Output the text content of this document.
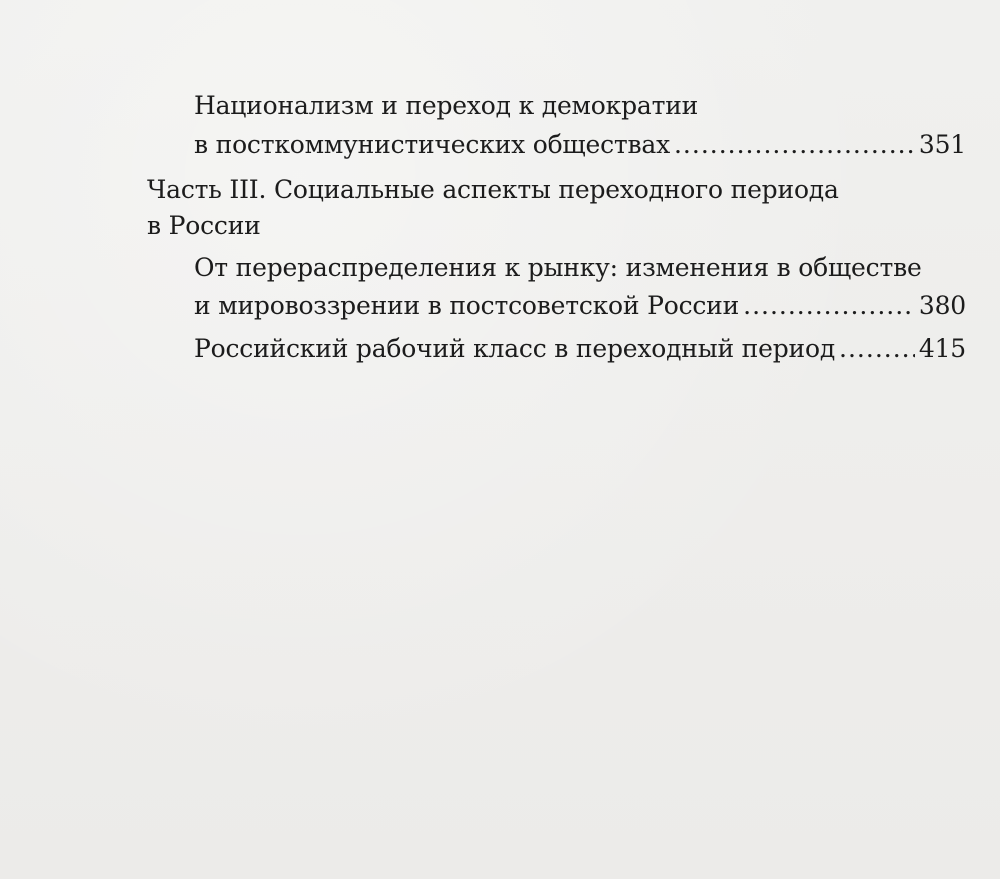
Национализм и переход к демократии
в посткоммунистических обществах .....	351
Часть III. Социальные аспекты переходного периода
в России
От перераспределения к рынку: изменения в обществе
и мировоззрении в постсоветской России .....	380
Российский рабочий класс в переходный период .....	415
